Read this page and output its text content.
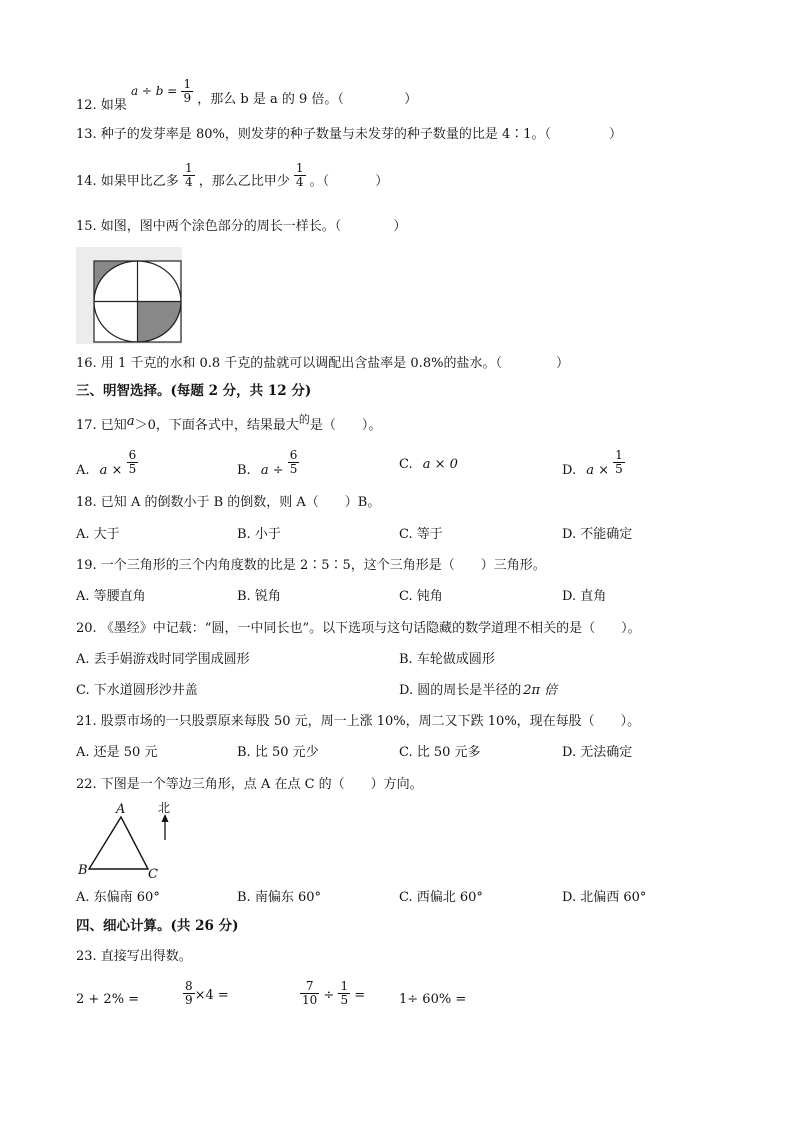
12. 如果 $a \div b = \frac{1}{9}$ ，那么 b 是 a 的 9 倍。（	）
13. 种子的发芽率是 80%，则发芽的种子数量与未发芽的种子数量的比是 4∶1。（	）
14. 如果甲比乙多 $\frac{1}{4}$ ，那么乙比甲少 $\frac{1}{4}$ 。（	）
15. 如图，图中两个涂色部分的周长一样长。（	）
16. 用 1 千克的水和 0.8 千克的盐就可以调配出含盐率是 0.8%的盐水。（	）
三、明智选择。(每题 2 分，共 12 分)
17. 已知a＞0，下面各式中，结果最大$^的$是（　　）。
A. $a \times \frac{6}{5}$	B. $a \div \frac{6}{5}$	C. a × 0	D. $a \times \frac{1}{5}$
18. 已知 A 的倒数小于 B 的倒数，则 A（　　）B。
A. 大于	B. 小于	C. 等于	D. 不能确定
19. 一个三角形的三个内角度数的比是 2∶5∶5，这个三角形是（　　）三角形。
A. 等腰直角	B. 锐角	C. 钝角	D. 直角
20. 《墨经》中记载：“圆，一中同长也”。以下选项与这句话隐藏的数学道理不相关的是（　　）。
A. 丢手娟游戏时同学围成圆形	B. 车轮做成圆形
C. 下水道圆形沙井盖	D. 圆的周长是半径的 2π 倍
21. 股票市场的一只股票原来每股 50 元，周一上涨 10%，周二又下跌 10%，现在每股（　　）。
A. 还是 50 元	B. 比 50 元少	C. 比 50 元多	D. 无法确定
22. 下图是一个等边三角形，点 A 在点 C 的（　　）方向。
A
B	C
北
A. 东偏南 60°	B. 南偏东 60°	C. 西偏北 60°	D. 北偏西 60°
四、细心计算。(共 26 分)
23. 直接写出得数。
2 + 2% =	$\frac{8}{9} \times 4$ =	$\frac{7}{10} \div \frac{1}{5}$ =	1÷ 60% =
